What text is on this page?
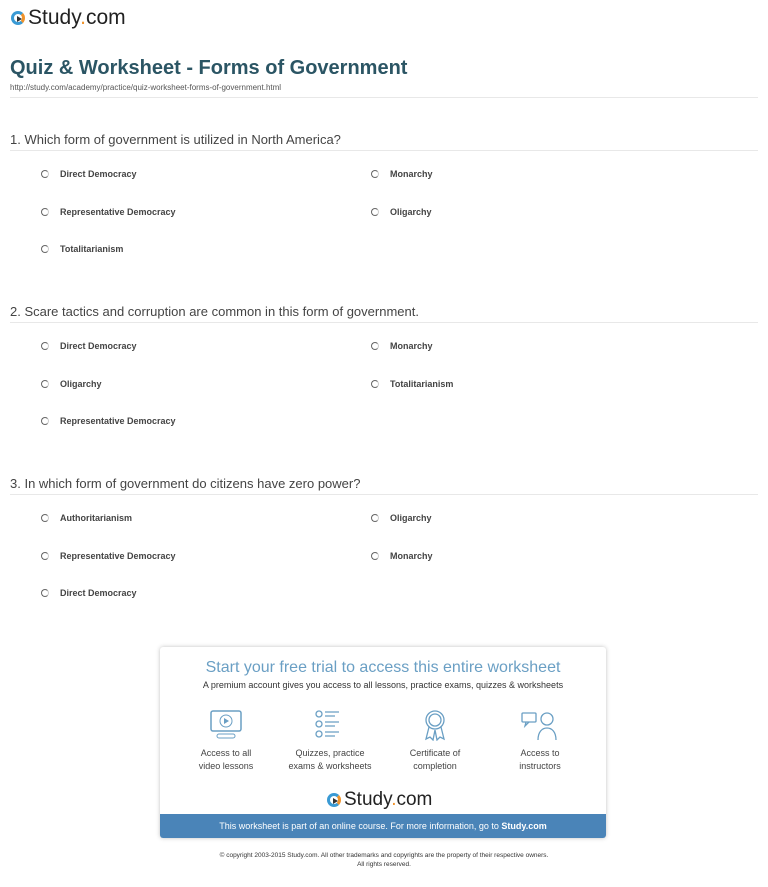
Study.com
Quiz & Worksheet - Forms of Government
http://study.com/academy/practice/quiz-worksheet-forms-of-government.html
1. Which form of government is utilized in North America?
Direct Democracy	Monarchy
Representative Democracy	Oligarchy
Totalitarianism
2. Scare tactics and corruption are common in this form of government.
Direct Democracy	Monarchy
Oligarchy	Totalitarianism
Representative Democracy
3. In which form of government do citizens have zero power?
Authoritarianism	Oligarchy
Representative Democracy	Monarchy
Direct Democracy
Start your free trial to access this entire worksheet
A premium account gives you access to all lessons, practice exams, quizzes & worksheets
Access to all
video lessons
Quizzes, practice
exams & worksheets
Certificate of
completion
Access to
instructors
Study.com
This worksheet is part of an online course. For more information, go to Study.com
© copyright 2003-2015 Study.com. All other trademarks and copyrights are the property of their respective owners.
All rights reserved.
